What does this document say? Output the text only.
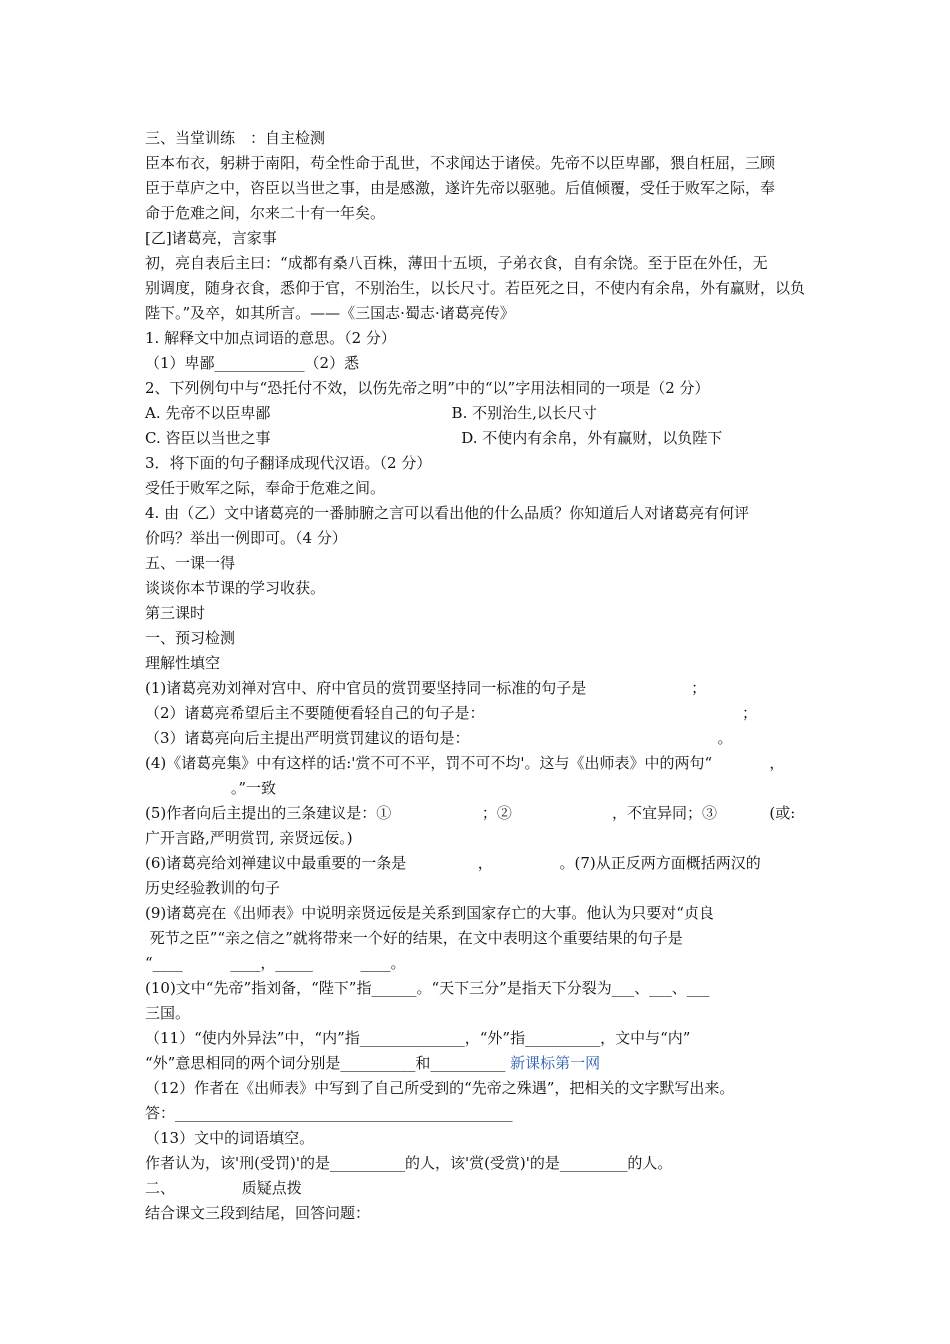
三、当堂训练　：自主检测
臣本布衣，躬耕于南阳，苟全性命于乱世，不求闻达于诸侯。先帝不以臣卑鄙，猥自枉屈，三顾
臣于草庐之中，咨臣以当世之事，由是感激，遂许先帝以驱驰。后值倾覆，受任于败军之际，奉
命于危难之间，尔来二十有一年矣。
[乙]诸葛亮，言家事
初，亮自表后主曰：“成都有桑八百株，薄田十五顷，子弟衣食，自有余饶。至于臣在外任，无
别调度，随身衣食，悉仰于官，不别治生，以长尺寸。若臣死之日，不使内有余帛，外有赢财，以负
陛下。”及卒，如其所言。——《三国志·蜀志·诸葛亮传》
1. 解释文中加点词语的意思。（2 分）
（1）卑鄙____________（2）悉
2、下列例句中与“恐托付不效，以伤先帝之明”中的“以”字用法相同的一项是（2 分）
A. 先帝不以臣卑鄙                                      B. 不别治生,以长尺寸
C. 咨臣以当世之事                                        D. 不使内有余帛，外有赢财，以负陛下
3．将下面的句子翻译成现代汉语。（2 分）
受任于败军之际，奉命于危难之间。
4. 由（乙）文中诸葛亮的一番肺腑之言可以看出他的什么品质？你知道后人对诸葛亮有何评
价吗？举出一例即可。（4 分）
五、一课一得
谈谈你本节课的学习收获。
第三课时
一、预习检测
理解性填空
(1)诸葛亮劝刘禅对宫中、府中官员的赏罚要坚持同一标准的句子是                      ；
（2）诸葛亮希望后主不要随便看轻自己的句子是：                                                      ；
（3）诸葛亮向后主提出严明赏罚建议的语句是：                                                    。
(4)《诸葛亮集》中有这样的话:'赏不可不平，罚不可不均'。这与《出师表》中的两句“            ，
。”一致
(5)作者向后主提出的三条建议是：①                   ；②                     ，不宜异同；③           (或:
广开言路,严明赏罚, 亲贤远佞。)
(6)诸葛亮给刘禅建议中最重要的一条是               ，              。(7)从正反两方面概括两汉的
历史经验教训的句子
(9)诸葛亮在《出师表》中说明亲贤远佞是关系到国家存亡的大事。他认为只要对“贞良
死节之臣”“亲之信之”就将带来一个好的结果，在文中表明这个重要结果的句子是
“____          ____，_____          ____。
(10)文中“先帝”指刘备，“陛下”指______。“天下三分”是指天下分裂为___、___、___
三国。
（11）“使内外异法”中，“内”指______________，“外”指__________，文中与“内”
“外”意思相同的两个词分别是__________和__________ 新课标第一网
（12）作者在《出师表》中写到了自己所受到的“先帝之殊遇”，把相关的文字默写出来。
答：_____________________________________________
（13）文中的词语填空。
作者认为，该'刑(受罚)'的是__________的人，该'赏(受赏)'的是_________的人。
二、              质疑点拨
结合课文三段到结尾，回答问题：
